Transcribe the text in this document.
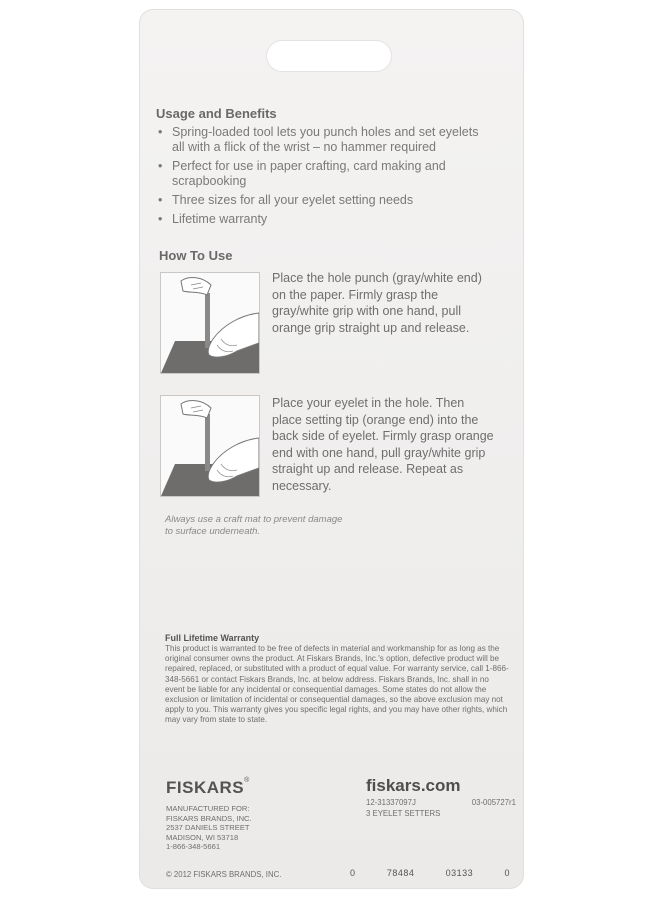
Usage and Benefits
• Spring-loaded tool lets you punch holes and set eyelets all with a flick of the wrist – no hammer required
• Perfect for use in paper crafting, card making and scrapbooking
• Three sizes for all your eyelet setting needs
• Lifetime warranty
How To Use
Place the hole punch (gray/white end) on the paper. Firmly grasp the gray/white grip with one hand, pull orange grip straight up and release.
Place your eyelet in the hole. Then place setting tip (orange end) into the back side of eyelet. Firmly grasp orange end with one hand, pull gray/white grip straight up and release. Repeat as necessary.
Always use a craft mat to prevent damage to surface underneath.
Full Lifetime Warranty
This product is warranted to be free of defects in material and workmanship for as long as the original consumer owns the product. At Fiskars Brands, Inc.'s option, defective product will be repaired, replaced, or substituted with a product of equal value. For warranty service, call 1-866-348-5661 or contact Fiskars Brands, Inc. at below address. Fiskars Brands, Inc. shall in no event be liable for any incidental or consequential damages. Some states do not allow the exclusion or limitation of incidental or consequential damages, so the above exclusion may not apply to you. This warranty gives you specific legal rights, and you may have other rights, which may vary from state to state.
FISKARS®	fiskars.com
MANUFACTURED FOR:
FISKARS BRANDS, INC.
2537 DANIELS STREET
MADISON, WI 53718
1-866-348-5661
12-31337097J	03-005727r1
3 EYELET SETTERS
© 2012 FISKARS BRANDS, INC.	0	78484	03133	0
